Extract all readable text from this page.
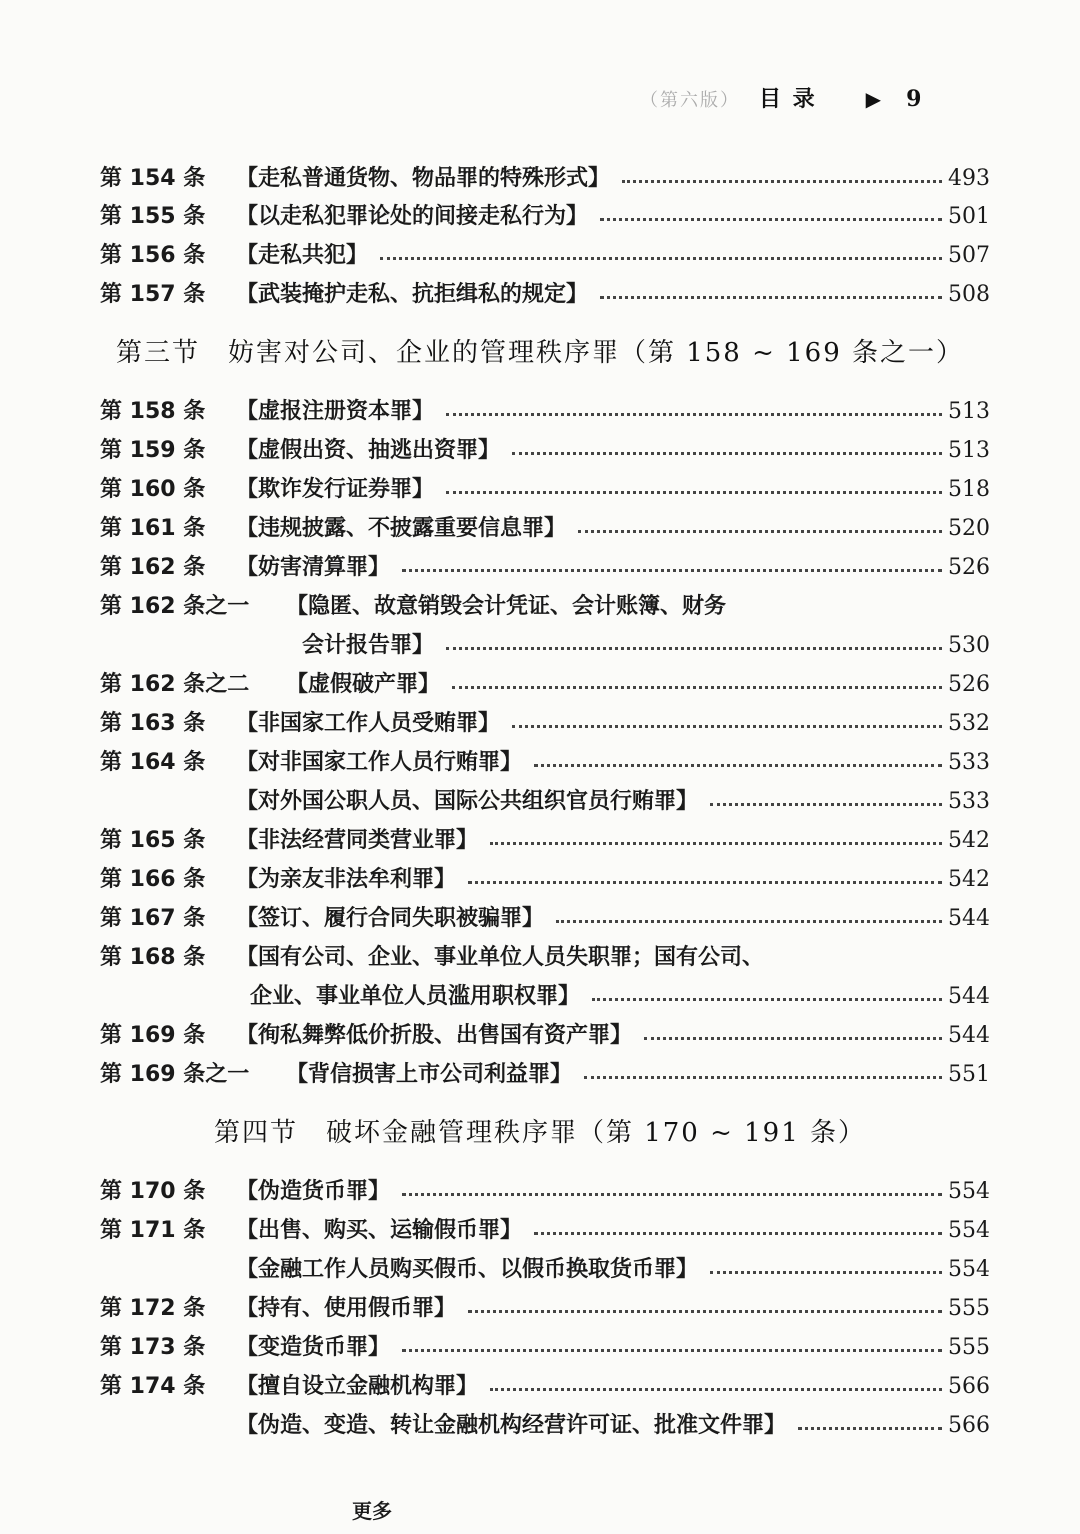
（第六版） 目 录 ▶ 9
第三节　妨害对公司、企业的管理秩序罪（第 158 ~ 169 条之一）
第四节　破坏金融管理秩序罪（第 170 ~ 191 条）
第 154 条 【走私普通货物、物品罪的特殊形式】	493
第 155 条 【以走私犯罪论处的间接走私行为】	501
第 156 条 【走私共犯】	507
第 157 条 【武装掩护走私、抗拒缉私的规定】	508
第 158 条 【虚报注册资本罪】	513
第 159 条 【虚假出资、抽逃出资罪】	513
第 160 条 【欺诈发行证券罪】	518
第 161 条 【违规披露、不披露重要信息罪】	520
第 162 条 【妨害清算罪】	526
第 162 条之一 【隐匿、故意销毁会计凭证、会计账簿、财务
会计报告罪】	530
第 162 条之二 【虚假破产罪】	526
第 163 条 【非国家工作人员受贿罪】	532
第 164 条 【对非国家工作人员行贿罪】	533
【对外国公职人员、国际公共组织官员行贿罪】	533
第 165 条 【非法经营同类营业罪】	542
第 166 条 【为亲友非法牟利罪】	542
第 167 条 【签订、履行合同失职被骗罪】	544
第 168 条 【国有公司、企业、事业单位人员失职罪；国有公司、
企业、事业单位人员滥用职权罪】	544
第 169 条 【徇私舞弊低价折股、出售国有资产罪】	544
第 169 条之一 【背信损害上市公司利益罪】	551
第 170 条 【伪造货币罪】	554
第 171 条 【出售、购买、运输假币罪】	554
【金融工作人员购买假币、以假币换取货币罪】	554
第 172 条 【持有、使用假币罪】	555
第 173 条 【变造货币罪】	555
第 174 条 【擅自设立金融机构罪】	566
【伪造、变造、转让金融机构经营许可证、批准文件罪】	566
更多
